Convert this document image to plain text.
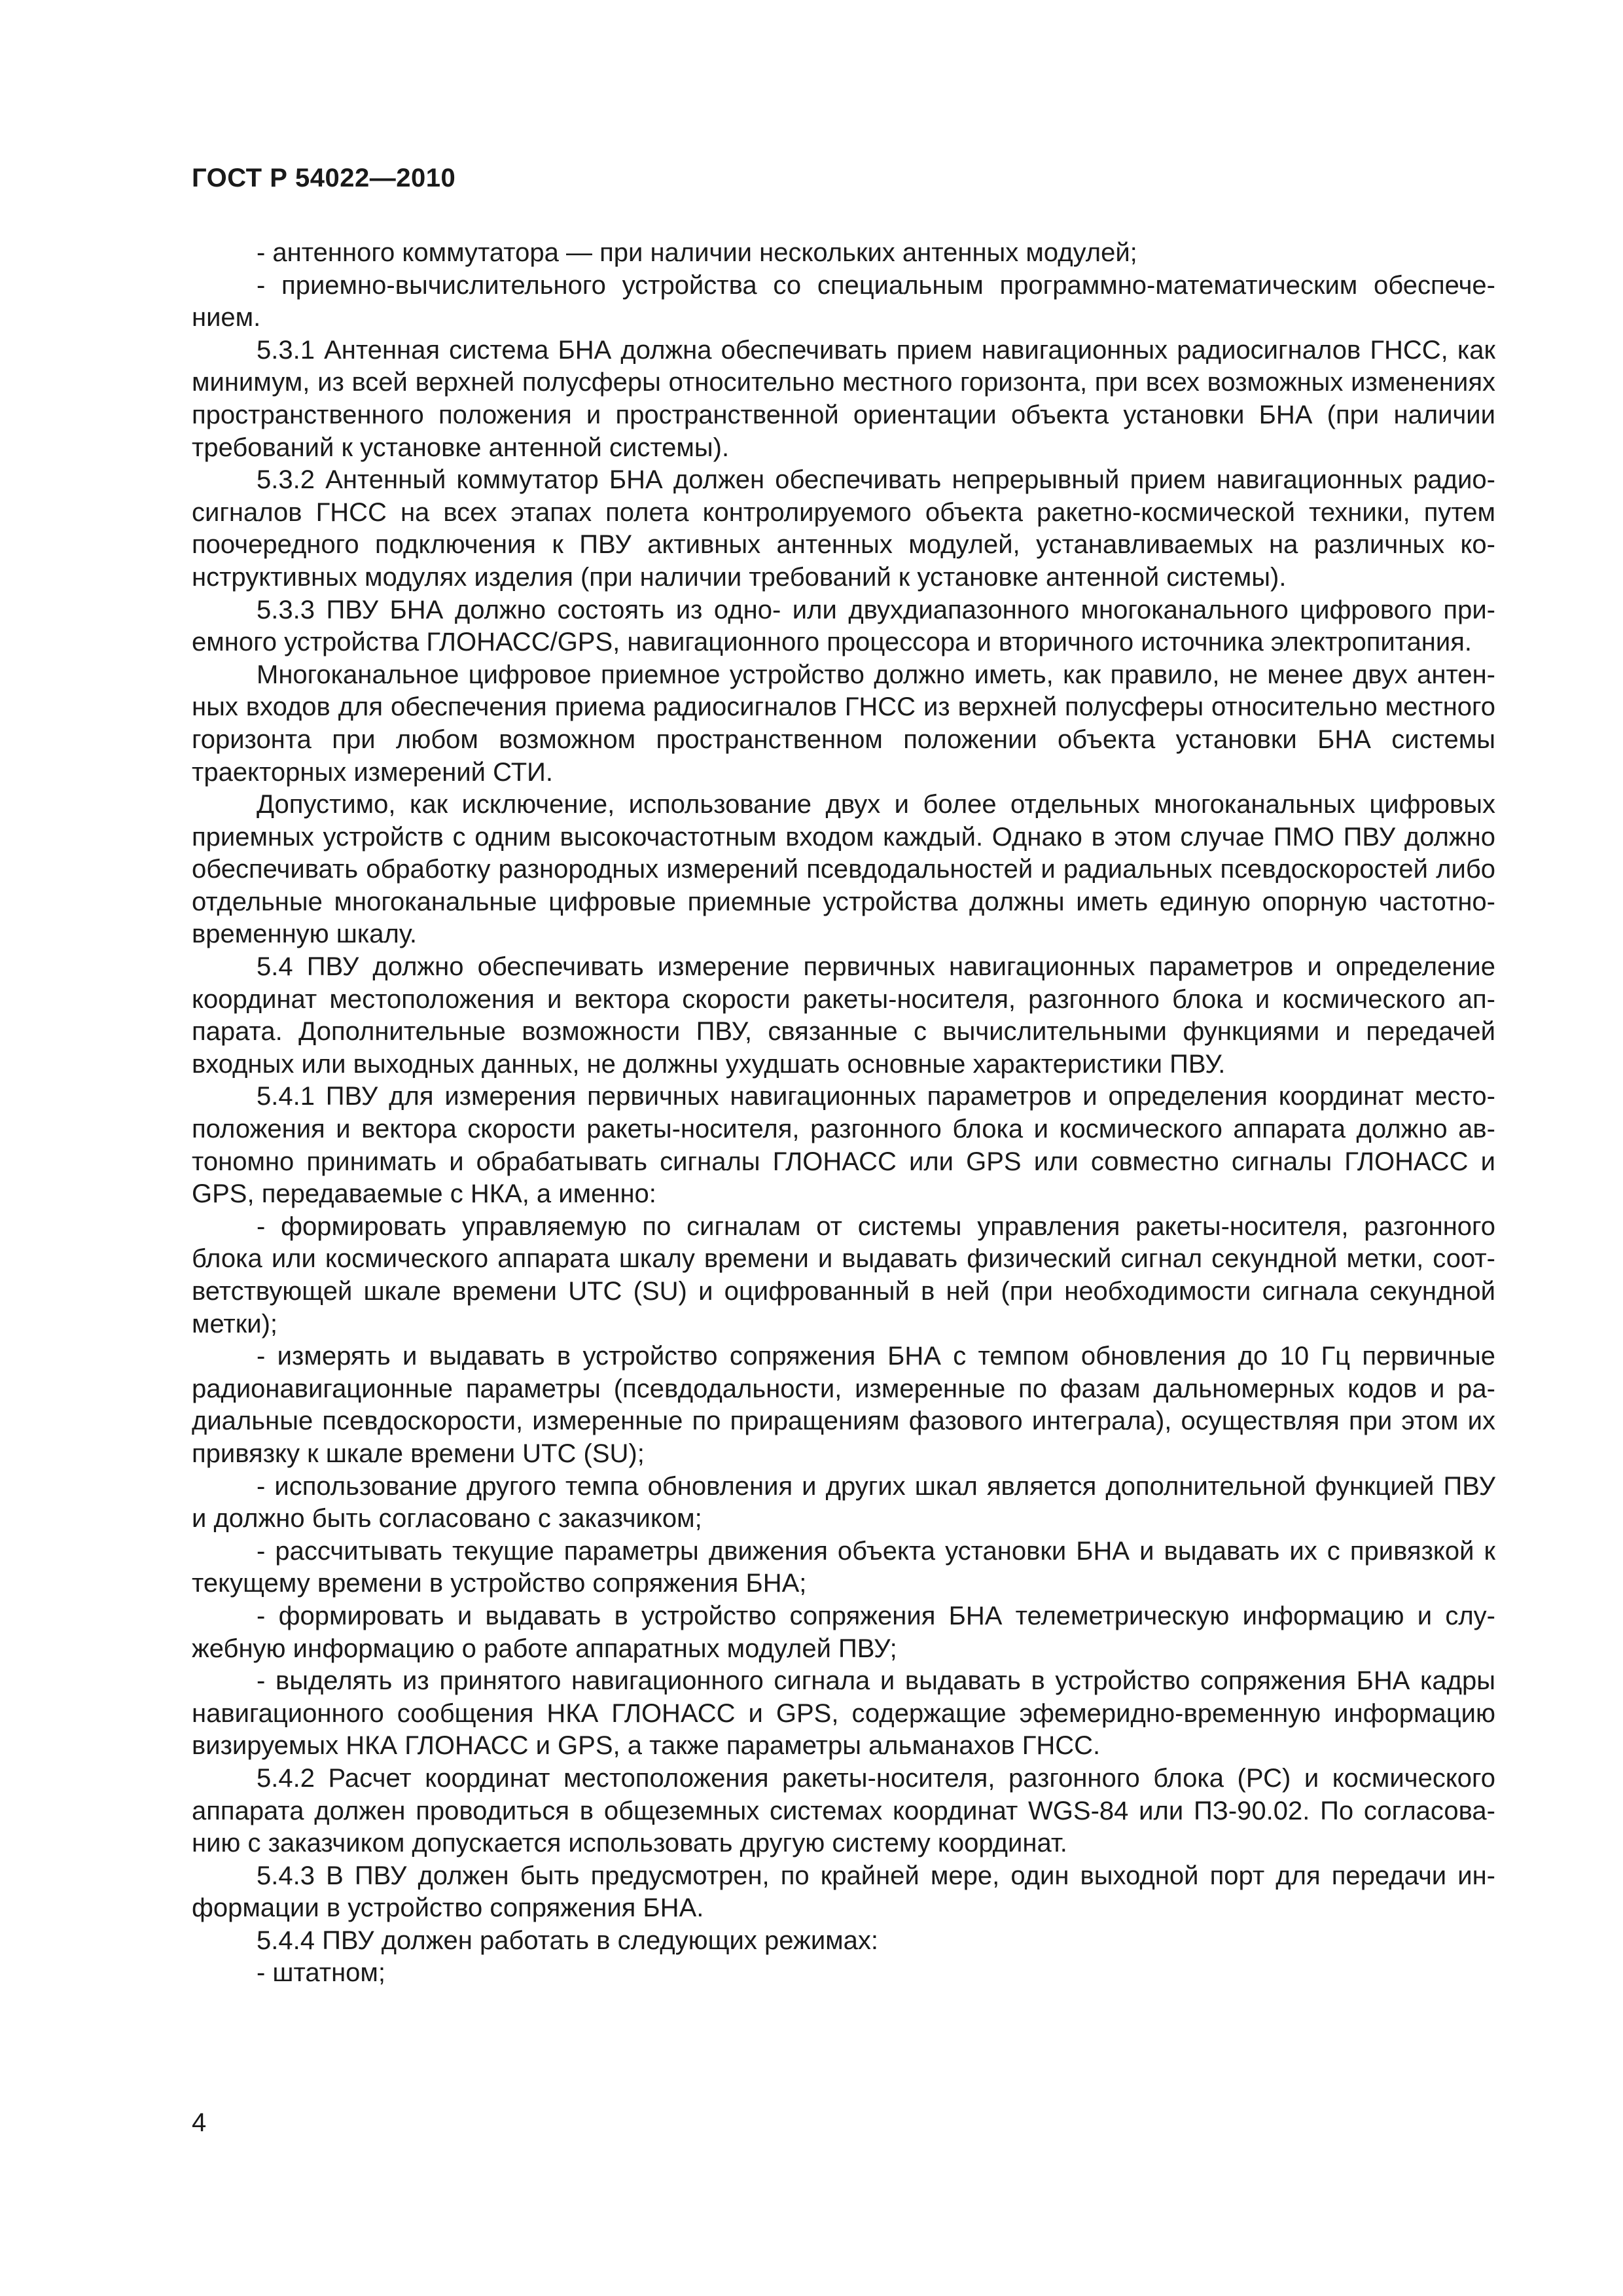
ГОСТ Р 54022—2010

- антенного коммутатора — при наличии нескольких антенных модулей;

- приемно-вычислительного устройства со специальным программно-математическим обеспечением.

5.3.1 Антенная система БНА должна обеспечивать прием навигационных радиосигналов ГНСС, как минимум, из всей верхней полусферы относительно местного горизонта, при всех возможных изменениях пространственного положения и пространственной ориентации объекта установки БНА (при наличии требований к установке антенной системы).

5.3.2 Антенный коммутатор БНА должен обеспечивать непрерывный прием навигационных радиосигналов ГНСС на всех этапах полета контролируемого объекта ракетно-космической техники, путем поочередного подключения к ПВУ активных антенных модулей, устанавливаемых на различных конструктивных модулях изделия (при наличии требований к установке антенной системы).

5.3.3 ПВУ БНА должно состоять из одно- или двухдиапазонного многоканального цифрового приемного устройства ГЛОНАСС/GPS, навигационного процессора и вторичного источника электропитания.

Многоканальное цифровое приемное устройство должно иметь, как правило, не менее двух антенных входов для обеспечения приема радиосигналов ГНСС из верхней полусферы относительно местного горизонта при любом возможном пространственном положении объекта установки БНА системы траекторных измерений СТИ.

Допустимо, как исключение, использование двух и более отдельных многоканальных цифровых приемных устройств с одним высокочастотным входом каждый. Однако в этом случае ПМО ПВУ должно обеспечивать обработку разнородных измерений псевдодальностей и радиальных псевдоскоростей либо отдельные многоканальные цифровые приемные устройства должны иметь единую опорную частотно-временную шкалу.

5.4 ПВУ должно обеспечивать измерение первичных навигационных параметров и определение координат местоположения и вектора скорости ракеты-носителя, разгонного блока и космического аппарата. Дополнительные возможности ПВУ, связанные с вычислительными функциями и передачей входных или выходных данных, не должны ухудшать основные характеристики ПВУ.

5.4.1 ПВУ для измерения первичных навигационных параметров и определения координат местоположения и вектора скорости ракеты-носителя, разгонного блока и космического аппарата должно автономно принимать и обрабатывать сигналы ГЛОНАСС или GPS или совместно сигналы ГЛОНАСС и GPS, передаваемые с НКА, а именно:

- формировать управляемую по сигналам от системы управления ракеты-носителя, разгонного блока или космического аппарата шкалу времени и выдавать физический сигнал секундной метки, соответствующей шкале времени UTC (SU) и оцифрованный в ней (при необходимости сигнала секундной метки);

- измерять и выдавать в устройство сопряжения БНА с темпом обновления до 10 Гц первичные радионавигационные параметры (псевдодальности, измеренные по фазам дальномерных кодов и радиальные псевдоскорости, измеренные по приращениям фазового интеграла), осуществляя при этом их привязку к шкале времени UTC (SU);

- использование другого темпа обновления и других шкал является дополнительной функцией ПВУ и должно быть согласовано с заказчиком;

- рассчитывать текущие параметры движения объекта установки БНА и выдавать их с привязкой к текущему времени в устройство сопряжения БНА;

- формировать и выдавать в устройство сопряжения БНА телеметрическую информацию и служебную информацию о работе аппаратных модулей ПВУ;

- выделять из принятого навигационного сигнала и выдавать в устройство сопряжения БНА кадры навигационного сообщения НКА ГЛОНАСС и GPS, содержащие эфемеридно-временную информацию визируемых НКА ГЛОНАСС и GPS, а также параметры альманахов ГНСС.

5.4.2 Расчет координат местоположения ракеты-носителя, разгонного блока (РС) и космического аппарата должен проводиться в общеземных системах координат WGS-84 или ПЗ-90.02. По согласованию с заказчиком допускается использовать другую систему координат.

5.4.3 В ПВУ должен быть предусмотрен, по крайней мере, один выходной порт для передачи информации в устройство сопряжения БНА.

5.4.4 ПВУ должен работать в следующих режимах:

- штатном;

4
